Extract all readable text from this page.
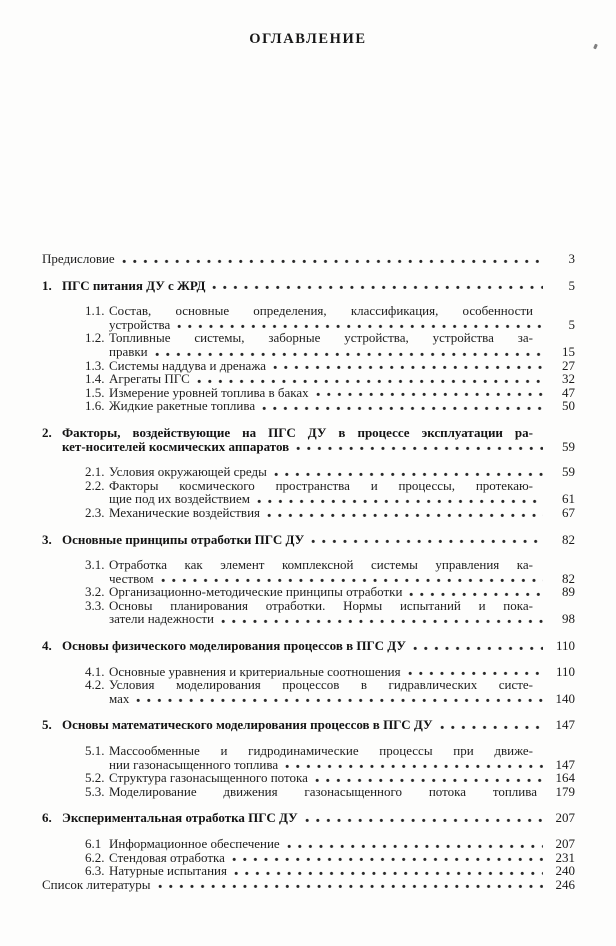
ОГЛАВЛЕНИЕ
Предисловие	3
1. ПГС питания ДУ с ЖРД	5
1.1. Состав, основные определения, классификация, особенности
устройства	5
1.2. Топливные системы, заборные устройства, устройства за-
правки	15
1.3. Системы наддува и дренажа	27
1.4. Агрегаты ПГС	32
1.5. Измерение уровней топлива в баках	47
1.6. Жидкие ракетные топлива	50
2. Факторы, воздействующие на ПГС ДУ в процессе эксплуатации ра-
кет-носителей космических аппаратов	59
2.1. Условия окружающей среды	59
2.2. Факторы космического пространства и процессы, протекаю-
щие под их воздействием	61
2.3. Механические воздействия	67
3. Основные принципы отработки ПГС ДУ	82
3.1. Отработка как элемент комплексной системы управления ка-
чеством	82
3.2. Организационно-методические принципы отработки	89
3.3. Основы планирования отработки. Нормы испытаний и пока-
затели надежности	98
4. Основы физического моделирования процессов в ПГС ДУ	110
4.1. Основные уравнения и критериальные соотношения	110
4.2. Условия моделирования процессов в гидравлических систе-
мах	140
5. Основы математического моделирования процессов в ПГС ДУ	147
5.1. Массообменные и гидродинамические процессы при движе-
нии газонасыщенного топлива	147
5.2. Структура газонасыщенного потока	164
5.3. Моделирование движения газонасыщенного потока топлива	179
6. Экспериментальная отработка ПГС ДУ	207
6.1 Информационное обеспечение	207
6.2. Стендовая отработка	231
6.3. Натурные испытания	240
Список литературы	246
